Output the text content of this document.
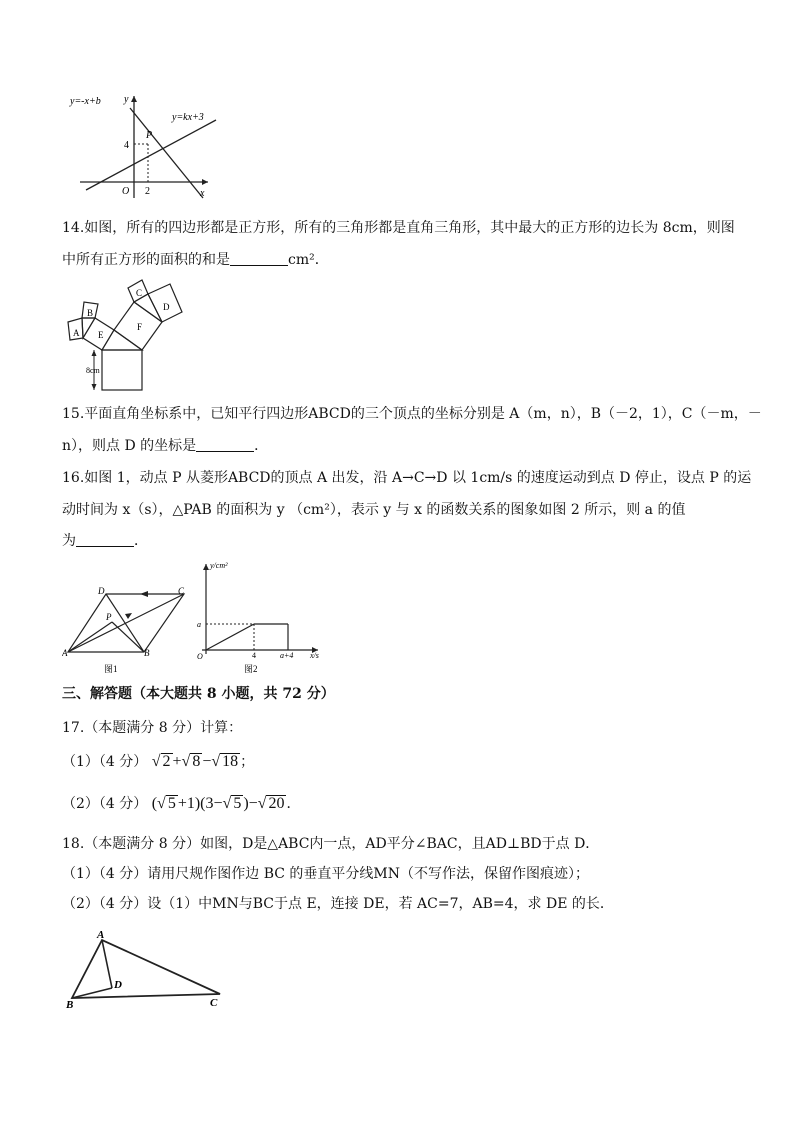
y=-x+b y
y=kx+3
P
4
O 2	x
14.如图，所有的四边形都是正方形，所有的三角形都是直角三角形，其中最大的正方形的边长为 8cm，则图
中所有正方形的面积的和是	cm²．
A
B
E
F
C
D
8cm
15.平面直角坐标系中，已知平行四边形ABCD的三个顶点的坐标分别是 A（m，n），B（－2，1），C（－m，－
n），则点 D 的坐标是	．
16.如图 1，动点 P 从菱形ABCD的顶点 A 出发，沿 A→C→D 以 1cm/s 的速度运动到点 D 停止，设点 P 的运
动时间为 x（s），△PAB 的面积为 y （cm²），表示 y 与 x 的函数关系的图象如图 2 所示，则 a 的值
为	．
D	C
P
A	B
图1
y/cm²
a
O	4	a+4 x/s
图2
三、解答题（本大题共 8 小题，共 72 分）
17.（本题满分 8 分）计算：
（1）（4 分） √ 2 +√ 8 −√ 18 ；
（2）（4 分） (√ 5 +1)(3−√ 5 )−√ 20 ．
18.（本题满分 8 分）如图，D是△ABC内一点，AD平分∠BAC，且AD⊥BD于点 D．
（1）（4 分）请用尺规作图作边 BC 的垂直平分线MN（不写作法，保留作图痕迹）；
（2）（4 分）设（1）中MN与BC于点 E，连接 DE，若 AC=7，AB=4，求 DE 的长．
A
D
B	C
